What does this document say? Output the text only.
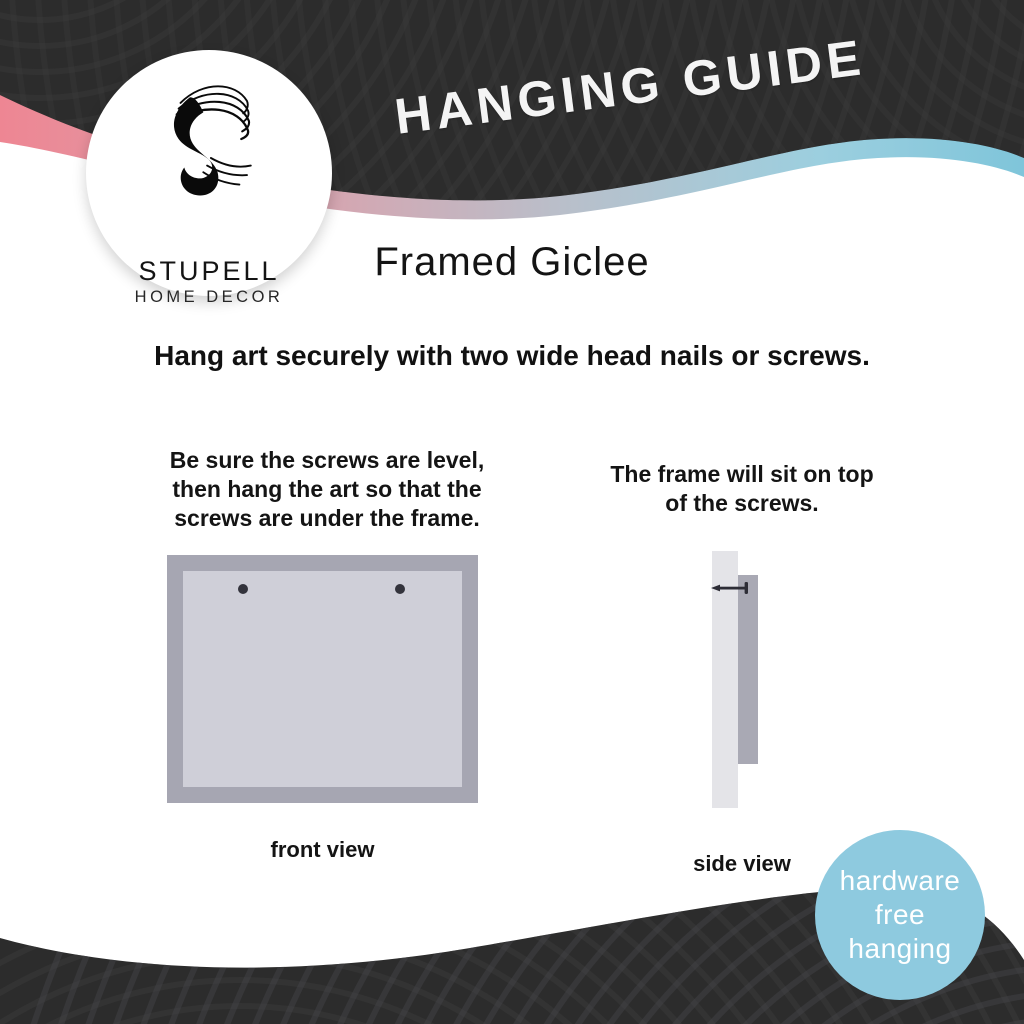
HANGING GUIDE
STUPELL
HOME DECOR
Framed Giclee
Hang art securely with two wide head nails or screws.
Be sure the screws are level,
then hang the art so that the
screws are under the frame.
The frame will sit on top
of the screws.
front view
side view
hardware
free
hanging
